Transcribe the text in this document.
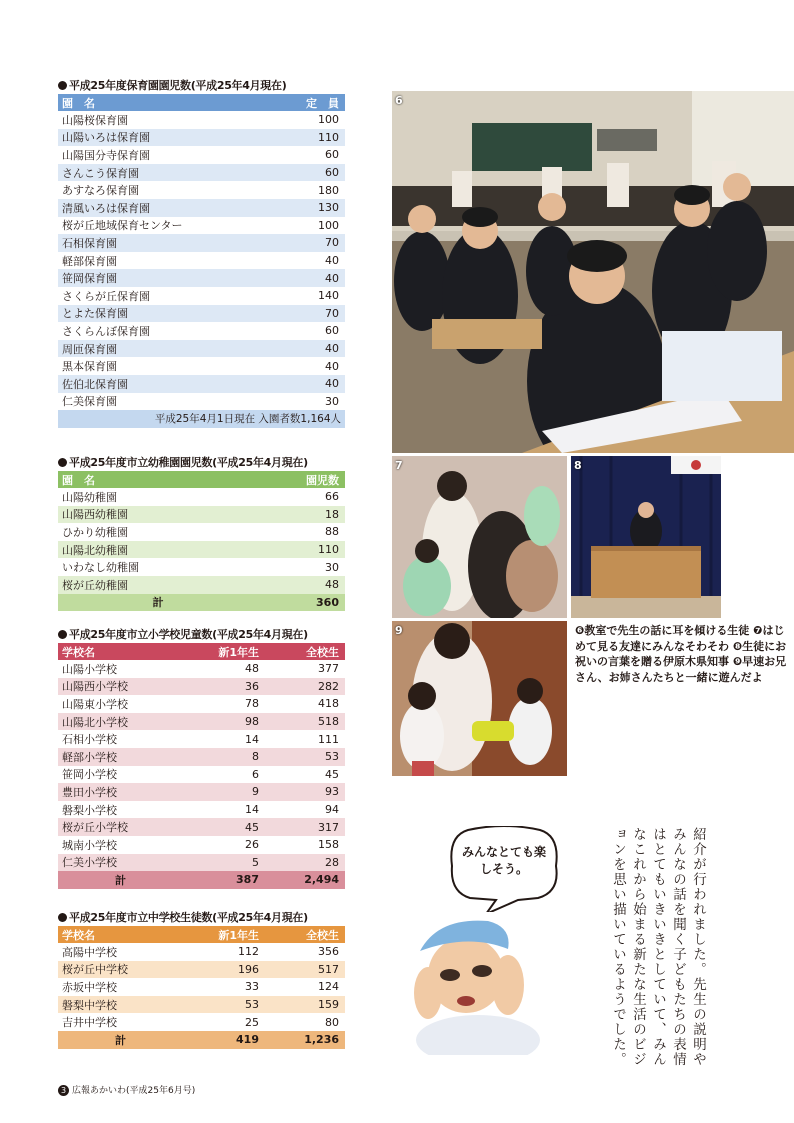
平成25年度保育園園児数(平成25年4月現在)
園　名	定　員
山陽桜保育園	100
山陽いろは保育園	110
山陽国分寺保育園	60
さんこう保育園	60
あすなろ保育園	180
清風いろは保育園	130
桜が丘地域保育センター	100
石相保育園	70
軽部保育園	40
笹岡保育園	40
さくらが丘保育園	140
とよた保育園	70
さくらんぼ保育園	60
周匝保育園	40
黒本保育園	40
佐伯北保育園	40
仁美保育園	30
平成25年4月1日現在 入園者数1,164人	
平成25年度市立幼稚園園児数(平成25年4月現在)
園　名	園児数
山陽幼稚園	66
山陽西幼稚園	18
ひかり幼稚園	88
山陽北幼稚園	110
いわなし幼稚園	30
桜が丘幼稚園	48
計	360
平成25年度市立小学校児童数(平成25年4月現在)
学校名	新1年生	全校生
山陽小学校	48	377
山陽西小学校	36	282
山陽東小学校	78	418
山陽北小学校	98	518
石相小学校	14	111
軽部小学校	8	53
笹岡小学校	6	45
豊田小学校	9	93
磐梨小学校	14	94
桜が丘小学校	45	317
城南小学校	26	158
仁美小学校	5	28
計	387	2,494
平成25年度市立中学校生徒数(平成25年4月現在)
学校名	新1年生	全校生
高陽中学校	112	356
桜が丘中学校	196	517
赤坂中学校	33	124
磐梨中学校	53	159
吉井中学校	25	80
計	419	1,236
6
7	8
9	❻教室で先生の話に耳を傾ける生徒 ❼はじめて見る友達にみんなそわそわ ❽生徒にお祝いの言葉を贈る伊原木県知事 ❾早速お兄さん、お姉さんたちと一緒に遊んだよ
みんなとても楽しそう。	紹介が行われました。先生の説明やみんなの話を聞く子どもたちの表情はとてもいきいきとしていて、みんなこれから始まる新たな生活のビジョンを思い描いているようでした。
3 広報あかいわ(平成25年6月号)
